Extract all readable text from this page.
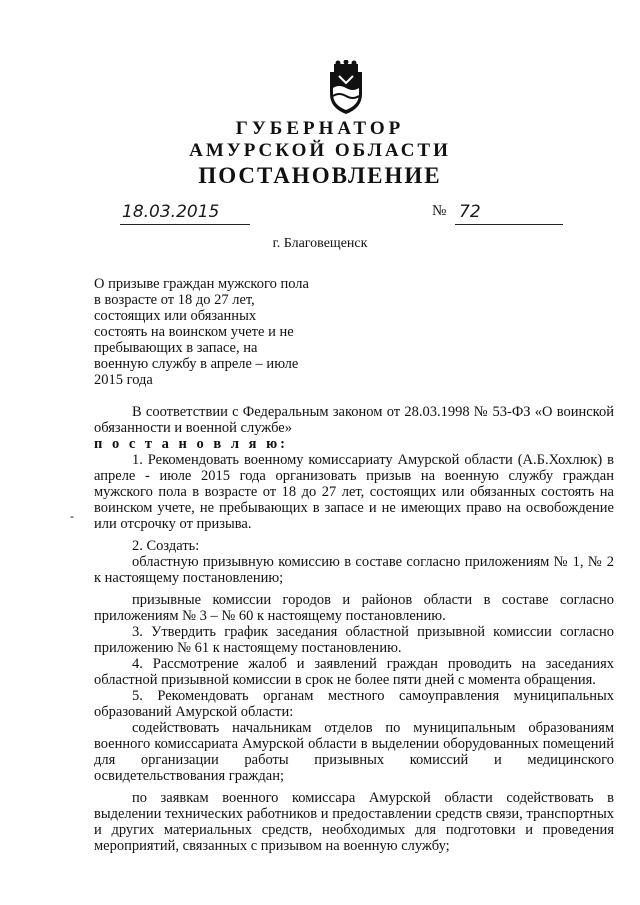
ГУБЕРНАТОР
АМУРСКОЙ ОБЛАСТИ
ПОСТАНОВЛЕНИЕ
18.03.2015	№ 72
г. Благовещенск
О призыве граждан мужского пола
в возрасте от 18 до 27 лет,
состоящих или обязанных
состоять на воинском учете и не
пребывающих в запасе, на
военную службу в апреле – июле
2015 года
-

В соответствии с Федеральным законом от 28.03.1998 № 53-ФЗ «О воинской обязанности и военной службе»

п о с т а н о в л я ю:

1. Рекомендовать военному комиссариату Амурской области (А.Б.Хохлюк) в апреле - июле 2015 года организовать призыв на военную службу граждан мужского пола в возрасте от 18 до 27 лет, состоящих или обязанных состоять на воинском учете, не пребывающих в запасе и не имеющих право на освобождение или отсрочку от призыва.

2. Создать:

областную призывную комиссию в составе согласно приложениям № 1, № 2 к настоящему постановлению;

призывные комиссии городов и районов области в составе согласно приложениям № 3 – № 60 к настоящему постановлению.

3. Утвердить график заседания областной призывной комиссии согласно приложению № 61 к настоящему постановлению.

4. Рассмотрение жалоб и заявлений граждан проводить на заседаниях областной призывной комиссии в срок не более пяти дней с момента обращения.

5. Рекомендовать органам местного самоуправления муниципальных образований Амурской области:

содействовать начальникам отделов по муниципальным образованиям военного комиссариата Амурской области в выделении оборудованных помещений для организации работы призывных комиссий и медицинского освидетельствования граждан;

по заявкам военного комиссара Амурской области содействовать в выделении технических работников и предоставлении средств связи, транспортных и других материальных средств, необходимых для подготовки и проведения мероприятий, связанных с призывом на военную службу;
